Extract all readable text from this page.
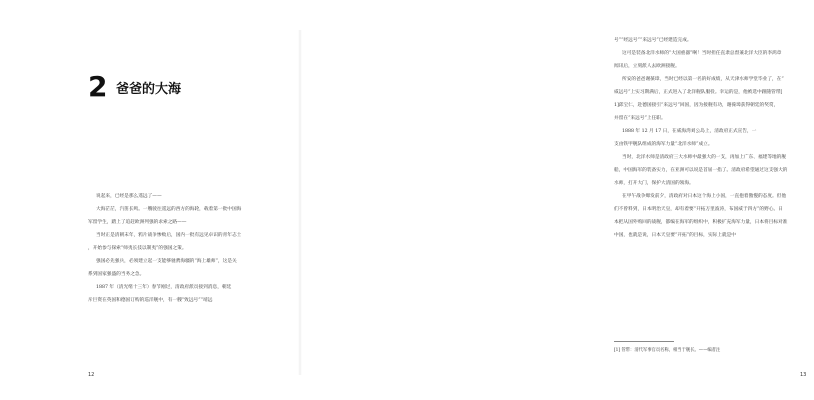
2 爸爸的大海
说起来，已经是那么遥远了——
大海茫茫，汽笛长鸣。一艘驶往遥远的西方的海轮，载着第一批中国海
军留学生，踏上了追赶欧洲列强的求索之路——
当时正是清朝末年，鸦片战争惨败后，国内一批有远见卓识的青年志士
，开始参与探索“师夷长技以制夷”的强国之策。
强国必先强兵，必须建立起一支能够驰骋海疆的“海上雄师”，这是关
系到国家强盛的当务之急。
1887 年（清光绪十三年）春节刚过，清政府派员接到消息，朝廷
斥巨资在英国和德国订购的巡洋舰中，有一艘“致远号”“靖远
12
号”“经远号”“来远号”已经建造完成。
这可是装备北洋水师的“大国重器”啊！当时担任直隶总督兼北洋大臣的李鸿章
闻讯后，立刻派人去欧洲接舰。
所安的爸爸谢葆璋，当时已经以第一名的好成绩，从天津水师学堂毕业了，在“
威远号”上实习期满后，正式进入了北洋舰队服役。幸运的是，他被选中跟随管带[
1]邱宝仁，赴德国接引“来远号”回国，因为接舰有功，谢葆璋获得朝廷的奖赏，
并留在“来远号”上任职。
1888 年 12 月 17 日，在威海湾刘公岛上，清政府正式宣告，一
支由铁甲舰队组成的海军力量“北洋水师”成立。
当时，北洋水师是清政府三大水师中最强大的一支，再加上广东、福建等地的舰
船，中国海军的装备实力，在亚洲可以说是首屈一指了。清政府希望通过这支强大的
水师，打开大门，保护大清国的领海。
在甲午战争爆发前夕，清政府对日本这个海上小国，一直抱着傲慢的态度。但他
们不曾料到，日本明治天皇，却有着要“开拓万里波涛，布国威于四方”的野心。日
本把从国外购回的战舰，都编在海军的组织中，积极扩充海军力量，日本将目标对准
中国，也就是说，日本天皇要“开拓”的目标，实际上就是中
[1] 管带：清代军事官员名称，相当于舰长。——编者注
13
